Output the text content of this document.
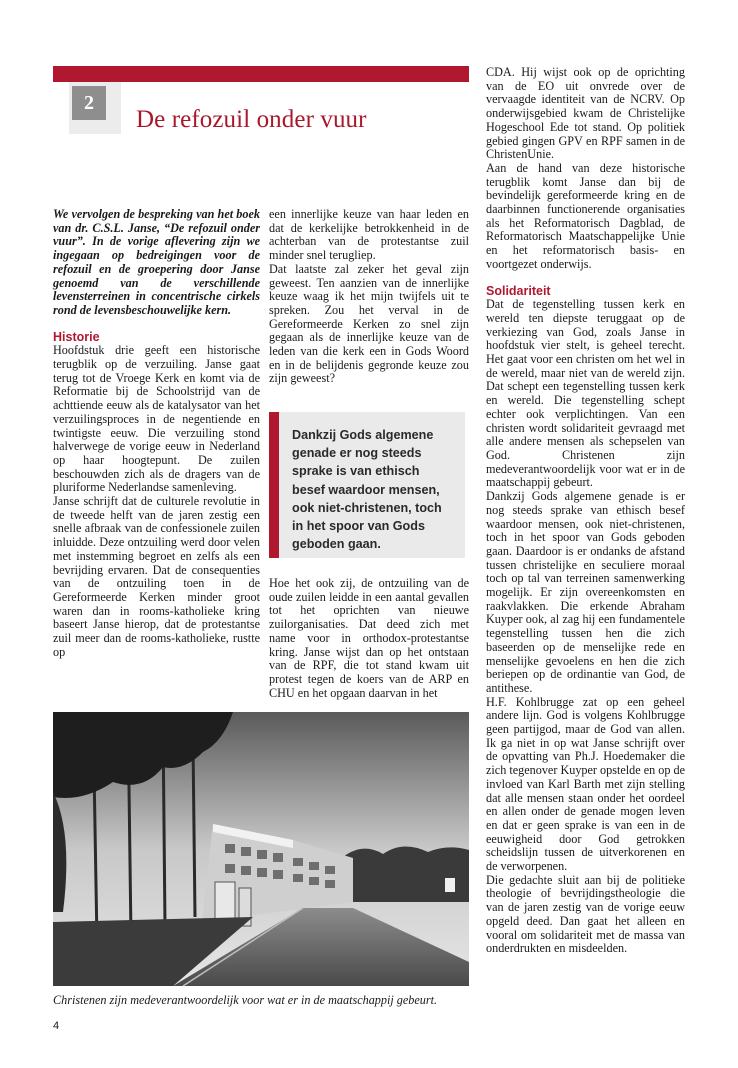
2
De refozuil onder vuur

We vervolgen de bespreking van het boek van dr. C.S.L. Janse, “De refozuil onder vuur”. In de vorige aflevering zijn we ingegaan op bedreigingen voor de refozuil en de groepering door Janse genoemd van de verschillende levensterreinen in concentrische cirkels rond de levensbeschouwelijke kern.

Historie

Hoofdstuk drie geeft een historische terugblik op de verzuiling. Janse gaat terug tot de Vroege Kerk en komt via de Reformatie bij de Schoolstrijd van de achttiende eeuw als de katalysator van het verzuilingsproces in de negentiende en twintigste eeuw. Die verzuiling stond halverwege de vorige eeuw in Nederland op haar hoogtepunt. De zuilen beschouwden zich als de dragers van de pluriforme Nederlandse samenleving.

Janse schrijft dat de culturele revolutie in de tweede helft van de jaren zestig een snelle afbraak van de confessionele zuilen inluidde. Deze ontzuiling werd door velen met instemming begroet en zelfs als een bevrijding ervaren. Dat de consequenties van de ontzuiling toen in de Gereformeerde Kerken minder groot waren dan in rooms-katholieke kring baseert Janse hierop, dat de protestantse zuil meer dan de rooms-katholieke, rustte op

een innerlijke keuze van haar leden en dat de kerkelijke betrokkenheid in de achterban van de protestantse zuil minder snel terugliep.

Dat laatste zal zeker het geval zijn geweest. Ten aanzien van de innerlijke keuze waag ik het mijn twijfels uit te spreken. Zou het verval in de Gereformeerde Kerken zo snel zijn gegaan als de innerlijke keuze van de leden van die kerk een in Gods Woord en in de belijdenis gegronde keuze zou zijn geweest?

Dankzij Gods algemene genade er nog steeds sprake is van ethisch besef waardoor mensen, ook niet-christenen, toch in het spoor van Gods geboden gaan.

Hoe het ook zij, de ontzuiling van de oude zuilen leidde in een aantal gevallen tot het oprichten van nieuwe zuilorganisaties. Dat deed zich met name voor in orthodox-protestantse kring. Janse wijst dan op het ontstaan van de RPF, die tot stand kwam uit protest tegen de koers van de ARP en CHU en het opgaan daarvan in het

CDA. Hij wijst ook op de oprichting van de EO uit onvrede over de vervaagde identiteit van de NCRV. Op onderwijsgebied kwam de Christelijke Hogeschool Ede tot stand. Op politiek gebied gingen GPV en RPF samen in de ChristenUnie.

Aan de hand van deze historische terugblik komt Janse dan bij de bevindelijk gereformeerde kring en de daarbinnen functionerende organisaties als het Reformatorisch Dagblad, de Reformatorisch Maatschappelijke Unie en het reformatorisch basis- en voortgezet onderwijs.

Solidariteit

Dat de tegenstelling tussen kerk en wereld ten diepste teruggaat op de verkiezing van God, zoals Janse in hoofdstuk vier stelt, is geheel terecht. Het gaat voor een christen om het wel in de wereld, maar niet van de wereld zijn. Dat schept een tegenstelling tussen kerk en wereld. Die tegenstelling schept echter ook verplichtingen. Van een christen wordt solidariteit gevraagd met alle andere mensen als schepselen van God. Christenen zijn medeverantwoordelijk voor wat er in de maatschappij gebeurt.

Dankzij Gods algemene genade is er nog steeds sprake van ethisch besef waardoor mensen, ook niet-christenen, toch in het spoor van Gods geboden gaan. Daardoor is er ondanks de afstand tussen christelijke en seculiere moraal toch op tal van terreinen samenwerking mogelijk. Er zijn overeenkomsten en raakvlakken. Die erkende Abraham Kuyper ook, al zag hij een fundamentele tegenstelling tussen hen die zich baseerden op de menselijke rede en menselijke gevoelens en hen die zich beriepen op de ordinantie van God, de antithese.

H.F. Kohlbrugge zat op een geheel andere lijn. God is volgens Kohlbrugge geen partijgod, maar de God van allen. Ik ga niet in op wat Janse schrijft over de opvatting van Ph.J. Hoedemaker die zich tegenover Kuyper opstelde en op de invloed van Karl Barth met zijn stelling dat alle mensen staan onder het oordeel en allen onder de genade mogen leven en dat er geen sprake is van een in de eeuwigheid door God getrokken scheidslijn tussen de uitverkorenen en de verworpenen.

Die gedachte sluit aan bij de politieke theologie of bevrijdingstheologie die van de jaren zestig van de vorige eeuw opgeld deed. Dan gaat het alleen en vooral om solidariteit met de massa van onderdrukten en misdeelden.

Christenen zijn medeverantwoordelijk voor wat er in de maatschappij gebeurt.

4
